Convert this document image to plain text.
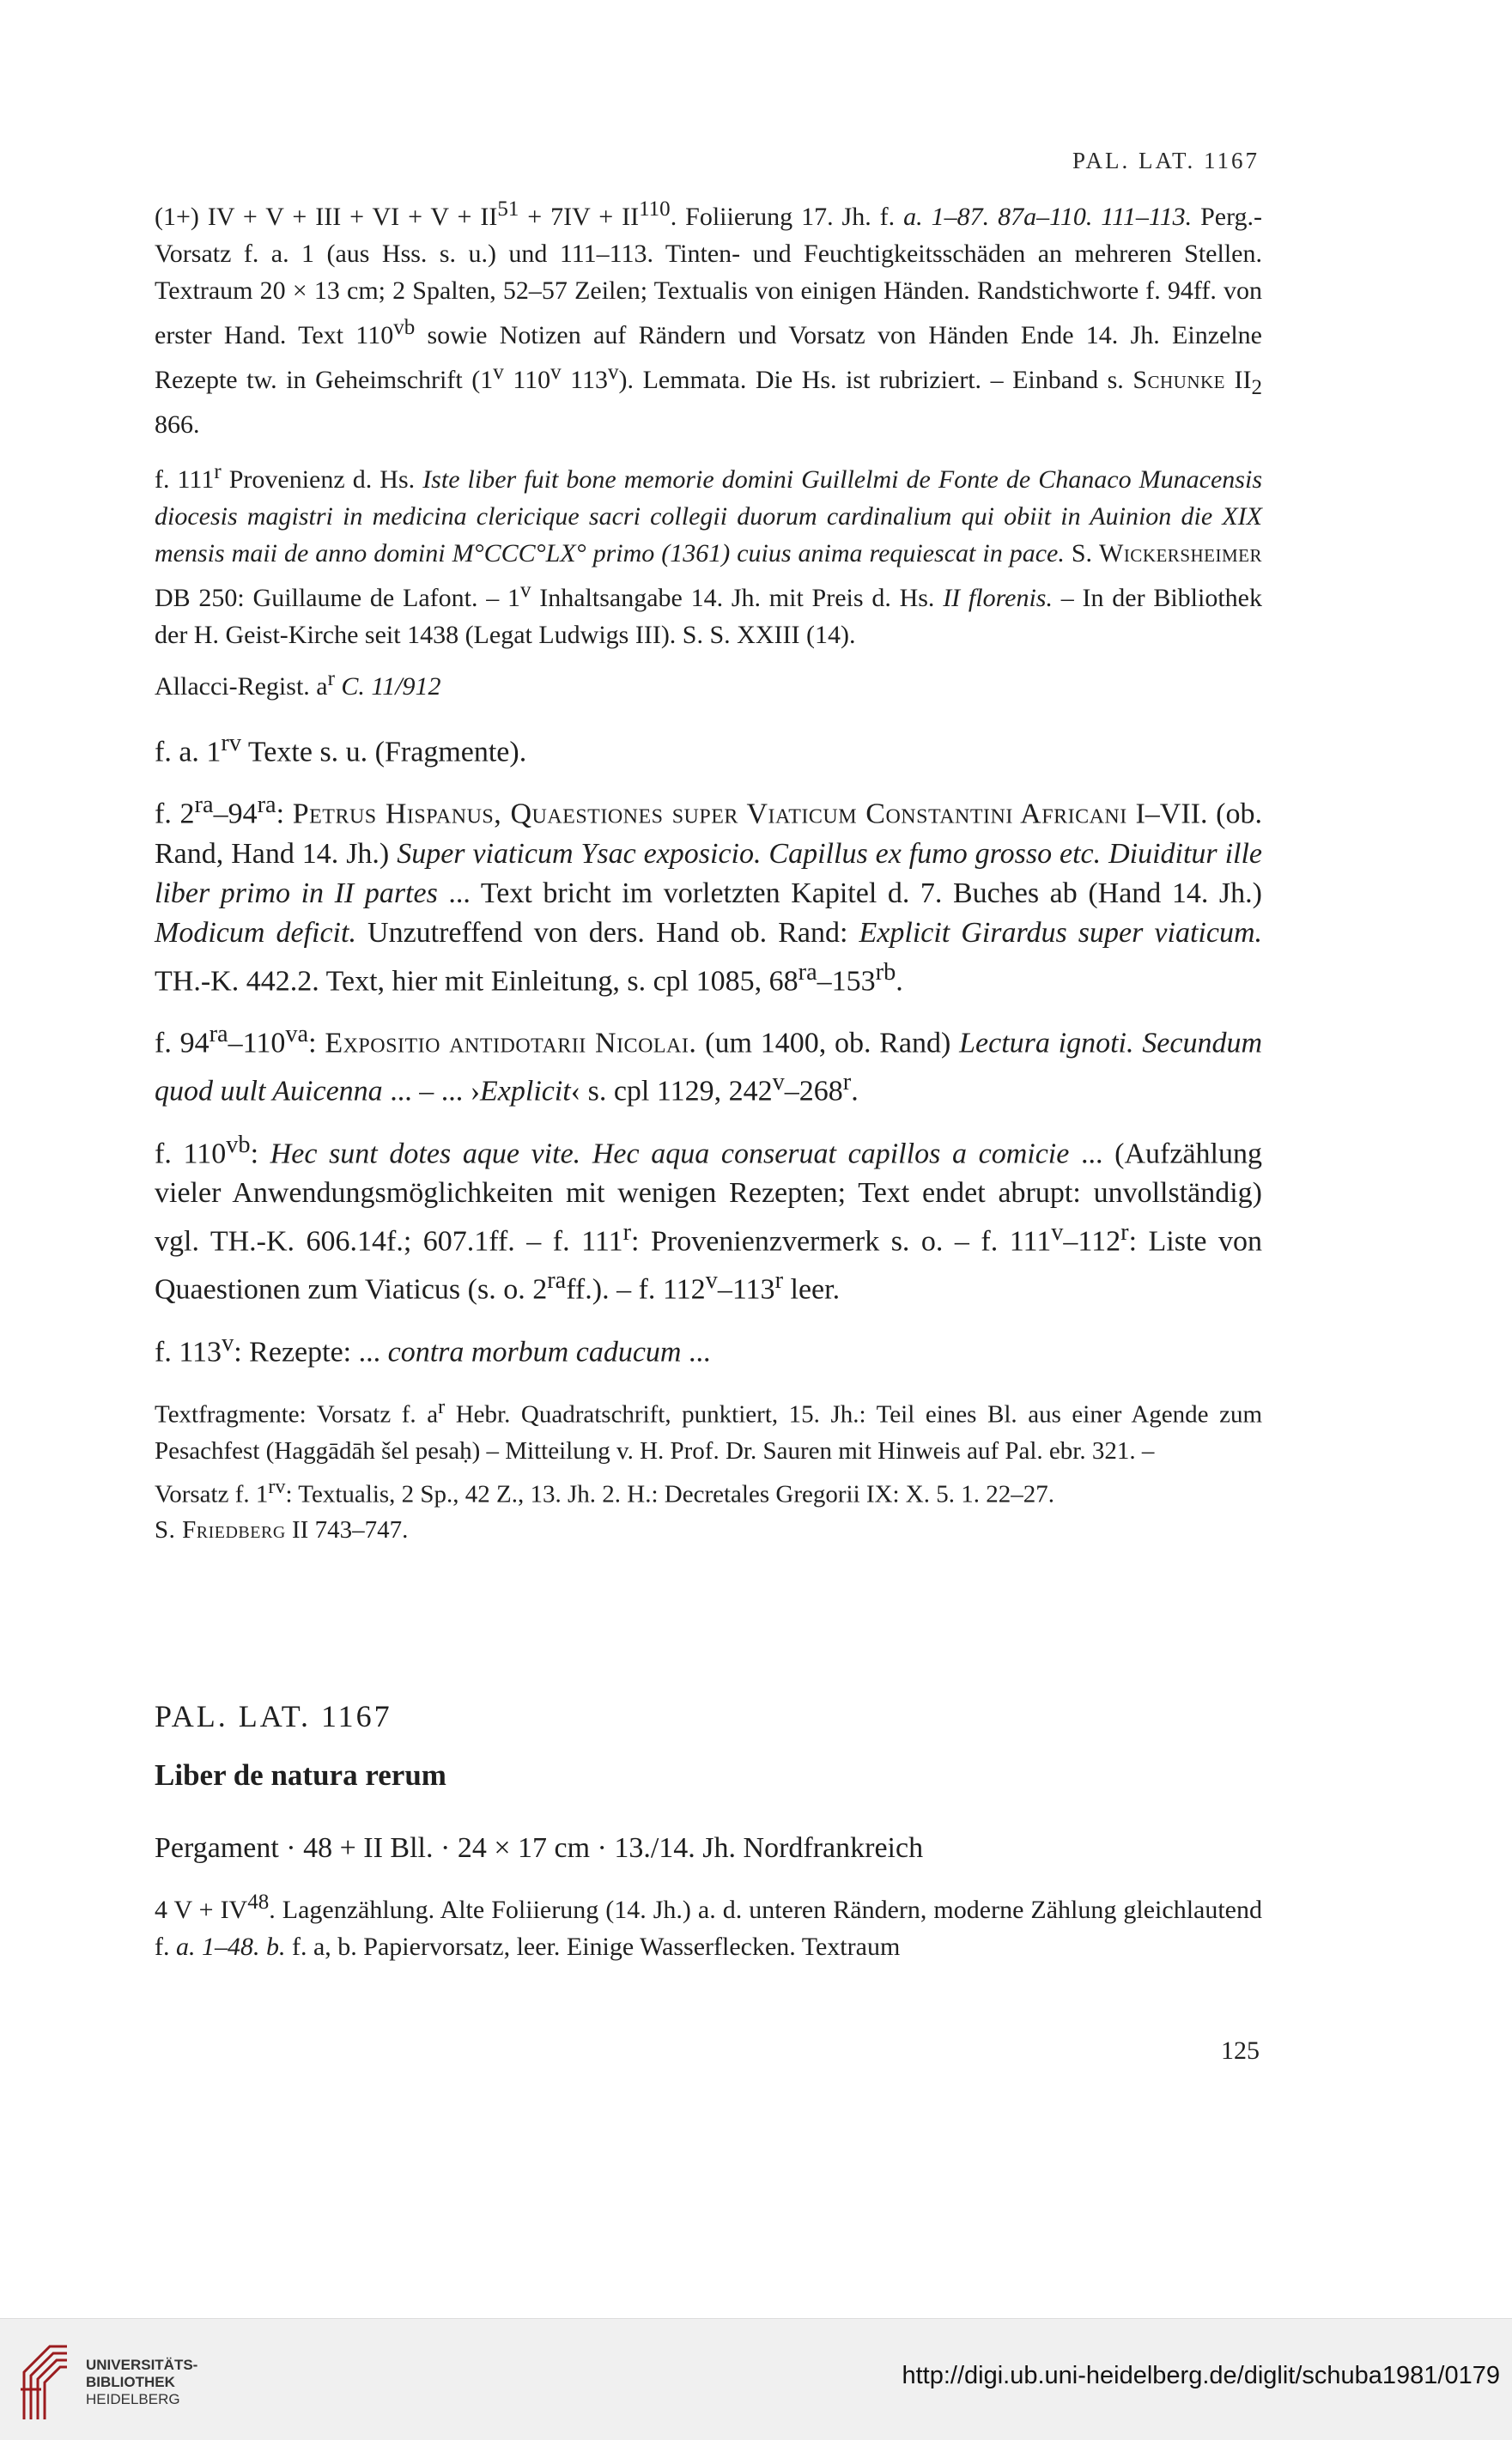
PAL. LAT. 1167

(1+) IV + V + III + VI + $V + II^{51} + 7IV + II^{110}$. Foliierung 17. Jh. f. a. 1–87. 87a–110. 111–113. Perg.-Vorsatz f. a. 1 (aus Hss. s. u.) und 111–113. Tinten- und Feuchtigkeitsschäden an mehreren Stellen. Textraum 20 × 13 cm; 2 Spalten, 52–57 Zeilen; Textualis von einigen Händen. Randstichworte f. 94ff. von erster Hand. Text $110^{vb}$ sowie Notizen auf Rändern und Vorsatz von Händen Ende 14. Jh. Einzelne Rezepte tw. in Geheimschrift (1$^v$ 110$^v$ 113$^v$). Lemmata. Die Hs. ist rubriziert. – Einband s. Schunke $II_2$ 866.

f. 111$^r$ Provenienz d. Hs. Iste liber fuit bone memorie domini Guillelmi de Fonte de Chanaco Munacensis diocesis magistri in medicina clericique sacri collegii duorum cardinalium qui obiit in Auinion die XIX mensis maii de anno domini M°CCC°LX° primo (1361) cuius anima requiescat in pace. S. Wickersheimer DB 250: Guillaume de Lafont. – 1$^v$ Inhaltsangabe 14. Jh. mit Preis d. Hs. II florenis. – In der Bibliothek der H. Geist-Kirche seit 1438 (Legat Ludwigs III). S. S. XXIII (14).

Allacci-Regist. $a^r$ C. 11/912

f. a. $1^{rv}$ Texte s. u. (Fragmente).

f. $2^{ra}-94^{ra}$: Petrus Hispanus, Quaestiones super Viaticum Constantini Africani I–VII. (ob. Rand, Hand 14. Jh.) Super viaticum Ysac exposicio. Capillus ex fumo grosso etc. Diuiditur ille liber primo in II partes ... Text bricht im vorletzten Kapitel d. 7. Buches ab (Hand 14. Jh.) Modicum deficit. Unzutreffend von ders. Hand ob. Rand: Explicit Girardus super viaticum. TH.-K. 442.2. Text, hier mit Einleitung, s. cpl 1085, $68^{ra}-153^{rb}$.

f. $94^{ra}-110^{va}$: Expositio antidotarii Nicolai. (um 1400, ob. Rand) Lectura ignoti. Secundum quod uult Auicenna ... – ... ›Explicit‹ s. cpl 1129, 242$^v$–268$^r$.

f. $110^{vb}$: Hec sunt dotes aque vite. Hec aqua conseruat capillos a comicie ... (Aufzählung vieler Anwendungsmöglichkeiten mit wenigen Rezepten; Text endet abrupt: unvollständig) vgl. TH.-K. 606.14f.; 607.1ff. – f. 111$^r$: Provenienzvermerk s. o. – f. 111$^v$–112$^r$: Liste von Quaestionen zum Viaticus (s. o. $2^{ra}ff$.). – f. 112$^v$–113$^r$ leer.

f. 113$^v$: Rezepte: ... contra morbum caducum ...

Textfragmente: Vorsatz f. $a^r$ Hebr. Quadratschrift, punktiert, 15. Jh.: Teil eines Bl. aus einer Agende zum Pesachfest (Haggādāh šel pesaḥ) – Mitteilung v. H. Prof. Dr. Sauren mit Hinweis auf Pal. ebr. 321. –

Vorsatz f. $1^{rv}$: Textualis, 2 Sp., 42 Z., 13. Jh. 2. H.: Decretales Gregorii IX: X. 5. 1. 22–27.
S. Friedberg II 743–747.

PAL. LAT. 1167

Liber de natura rerum

Pergament · 48 + II Bll. · 24 × 17 cm · 13./14. Jh. Nordfrankreich

4 $V + IV^{48}$. Lagenzählung. Alte Foliierung (14. Jh.) a. d. unteren Rändern, moderne Zählung gleichlautend f. a. 1–48. b. f. a, b. Papiervorsatz, leer. Einige Wasserflecken. Textraum

125
UNIVERSITÄTS-
BIBLIOTHEK
HEIDELBERG
http://digi.ub.uni-heidelberg.de/diglit/schuba1981/0179
